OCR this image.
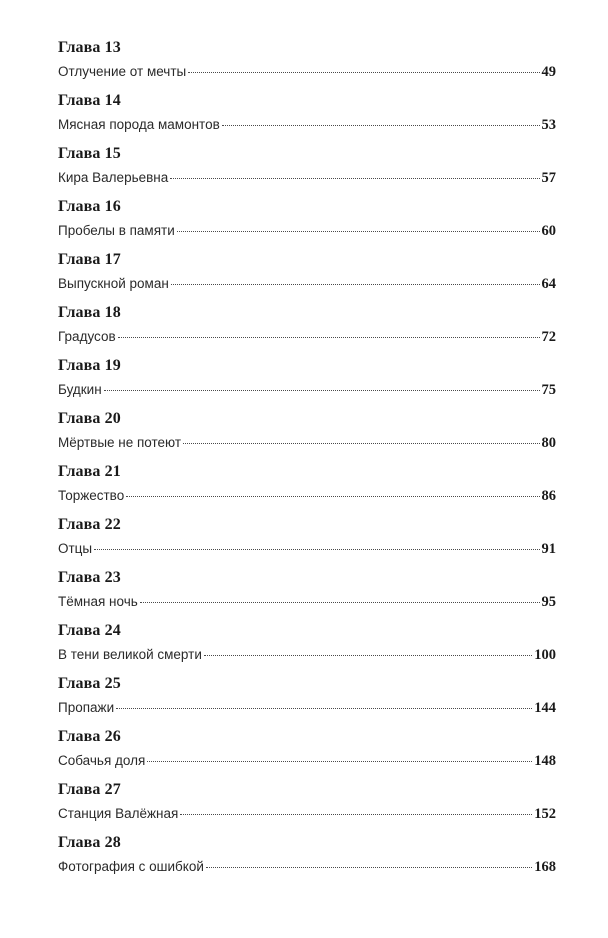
Глава 13
Отлучение от мечты	49
Глава 14
Мясная порода мамонтов	53
Глава 15
Кира Валерьевна	57
Глава 16
Пробелы в памяти	60
Глава 17
Выпускной роман	64
Глава 18
Градусов	72
Глава 19
Будкин	75
Глава 20
Мёртвые не потеют	80
Глава 21
Торжество	86
Глава 22
Отцы	91
Глава 23
Тёмная ночь	95
Глава 24
В тени великой смерти	100
Глава 25
Пропажи	144
Глава 26
Собачья доля	148
Глава 27
Станция Валёжная	152
Глава 28
Фотография с ошибкой	168
